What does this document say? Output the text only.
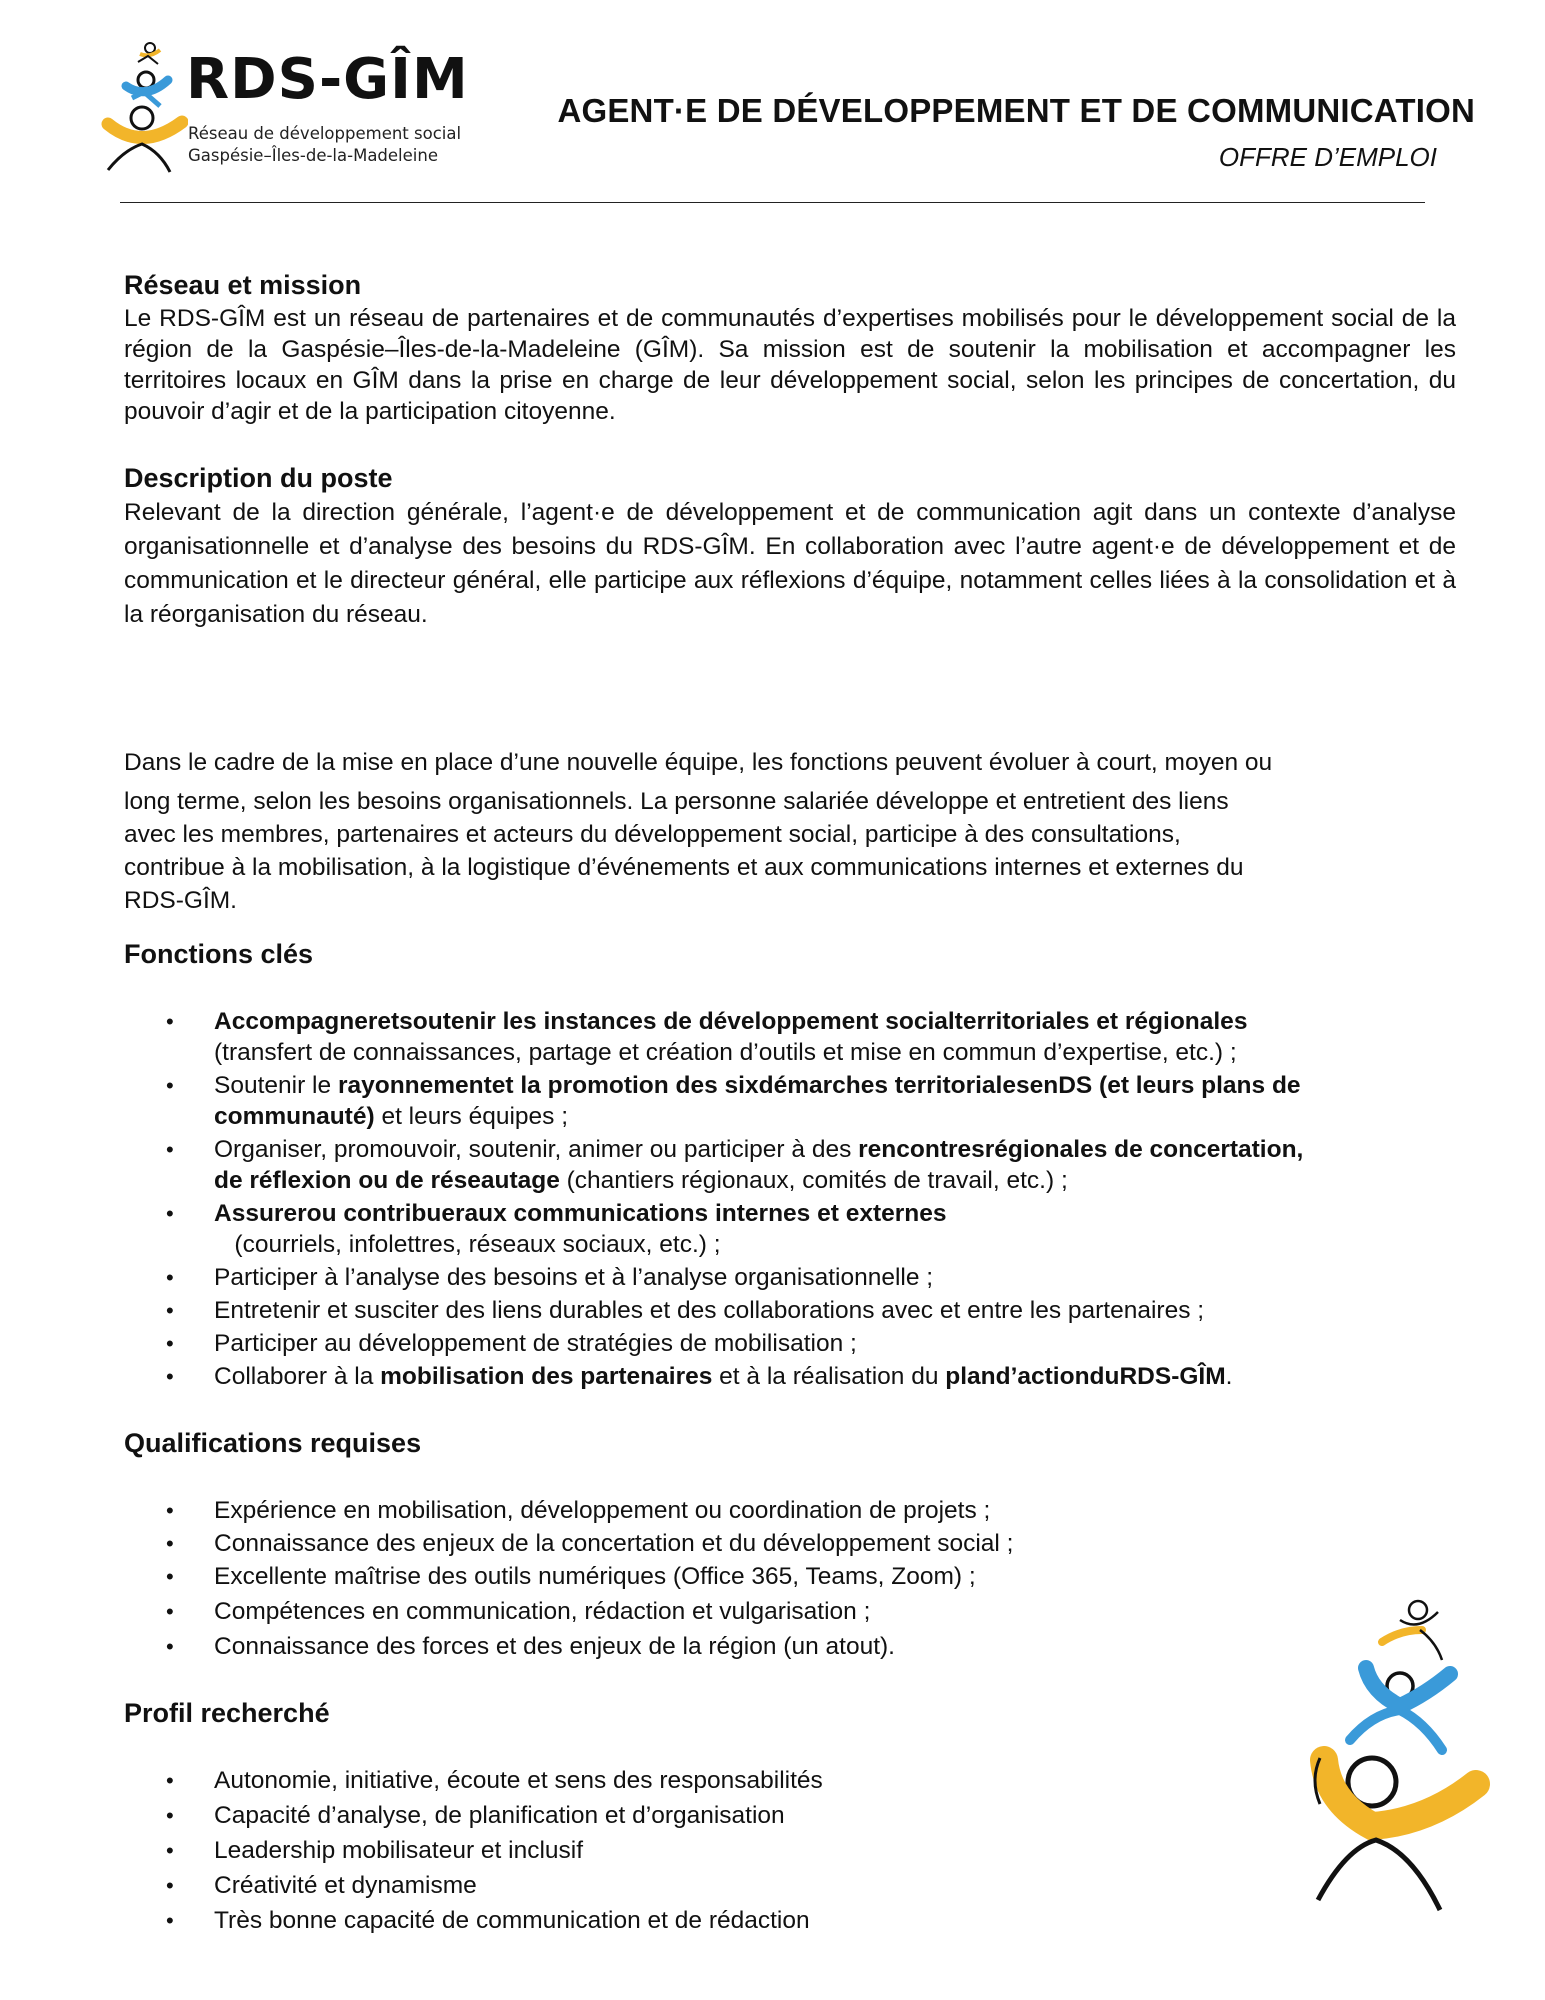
RDS-GÎM
Réseau de développement social
Gaspésie–Îles-de-la-Madeleine
AGENT·E DE DÉVELOPPEMENT ET DE COMMUNICATION
OFFRE D’EMPLOI
Réseau et mission

Le RDS-GÎM est un réseau de partenaires et de communautés d’expertises mobilisés pour le développement social de la région de la Gaspésie–Îles-de-la-Madeleine (GÎM). Sa mission est de soutenir la mobilisation et accompagner les territoires locaux en GÎM dans la prise en charge de leur développement social, selon les principes de concertation, du pouvoir d’agir et de la participation citoyenne.

Description du poste

Relevant de la direction générale, l’agent·e de développement et de communication agit dans un contexte d’analyse organisationnelle et d’analyse des besoins du RDS-GÎM. En collaboration avec l’autre agent·e de développement et de communication et le directeur général, elle participe aux réflexions d’équipe, notamment celles liées à la consolidation et à la réorganisation du réseau.

Dans le cadre de la mise en place d’une nouvelle équipe, les fonctions peuvent évoluer à court, moyen ou
long terme, selon les besoins organisationnels. La personne salariée développe et entretient des liens
avec les membres, partenaires et acteurs du développement social, participe à des consultations,
contribue à la mobilisation, à la logistique d’événements et aux communications internes et externes du
RDS-GÎM.
Fonctions clés
• Accompagneretsoutenir les instances de développement socialterritoriales et régionales
(transfert de connaissances, partage et création d’outils et mise en commun d’expertise, etc.) ;
• Soutenir le rayonnementet la promotion des sixdémarches territorialesenDS (et leurs plans de communauté) et leurs équipes ;
• Organiser, promouvoir, soutenir, animer ou participer à des rencontresrégionales de concertation, de réflexion ou de réseautage (chantiers régionaux, comités de travail, etc.) ;
• Assurerou contribueraux communications internes et externes   (courriels, infolettres, réseaux sociaux, etc.) ;
• Participer à l’analyse des besoins et à l’analyse organisationnelle ;
• Entretenir et susciter des liens durables et des collaborations avec et entre les partenaires ;
• Participer au développement de stratégies de mobilisation ;
• Collaborer à la mobilisation des partenaires et à la réalisation du pland’actionduRDS-GÎM.
Qualifications requises
• Expérience en mobilisation, développement ou coordination de projets ;
• Connaissance des enjeux de la concertation et du développement social ;
• Excellente maîtrise des outils numériques (Office 365, Teams, Zoom) ;
• Compétences en communication, rédaction et vulgarisation ;
• Connaissance des forces et des enjeux de la région (un atout).
Profil recherché
• Autonomie, initiative, écoute et sens des responsabilités
• Capacité d’analyse, de planification et d’organisation
• Leadership mobilisateur et inclusif
• Créativité et dynamisme
• Très bonne capacité de communication et de rédaction
